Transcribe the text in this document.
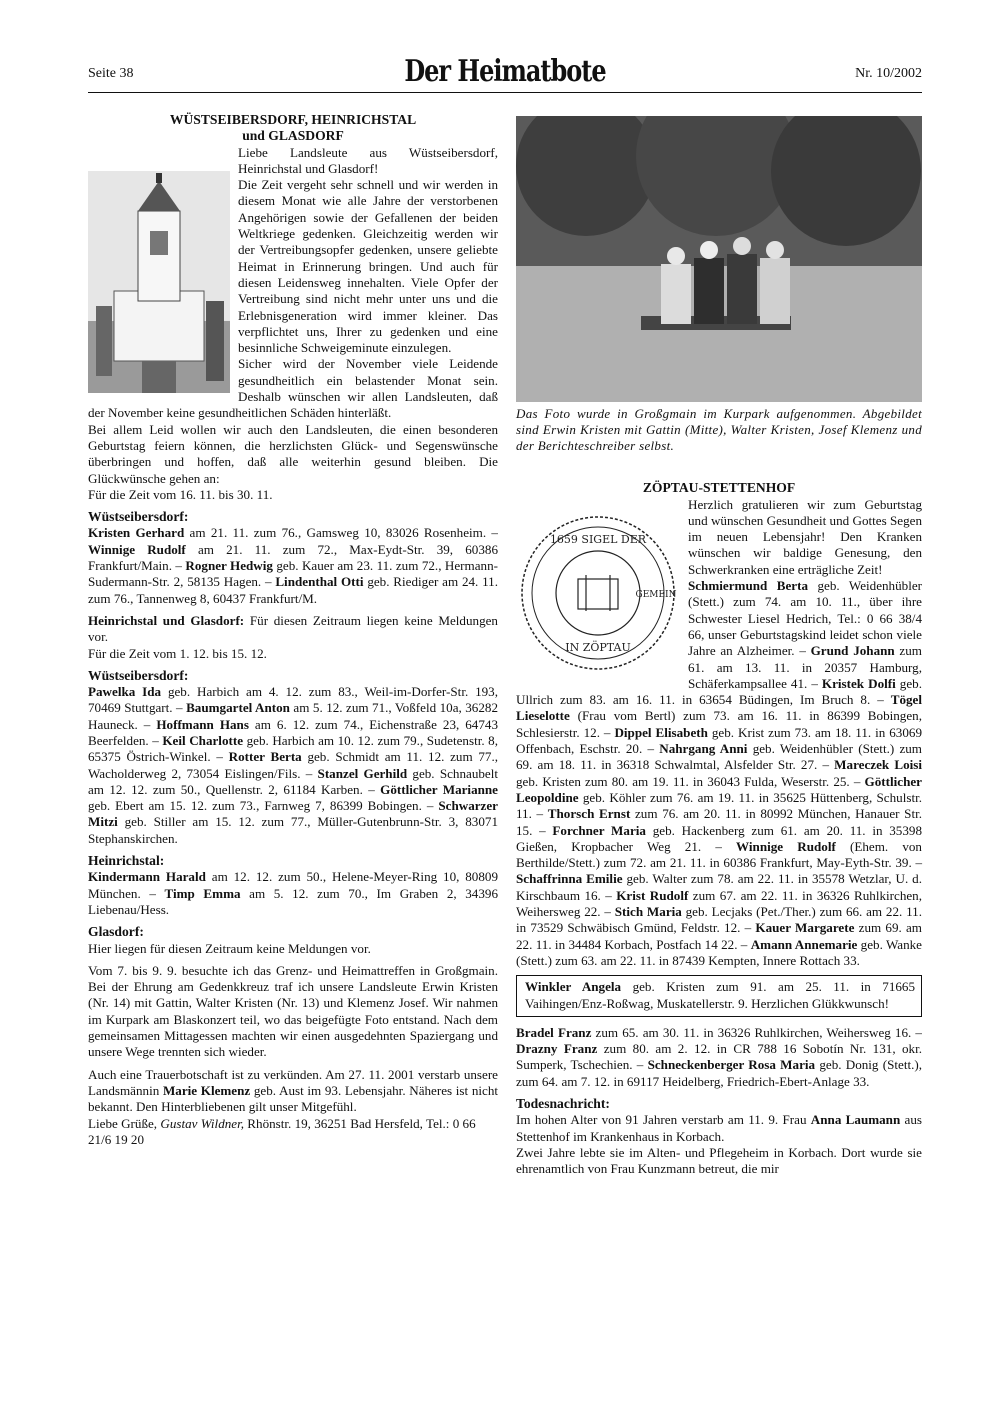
Seite 38	Der Heimatbote	Nr. 10/2002

WÜSTSEIBERSDORF, HEINRICHSTAL

und GLASDORF

Liebe Landsleute aus Wüstseibersdorf, Heinrichstal und Glasdorf!

Die Zeit vergeht sehr schnell und wir werden in diesem Monat wie alle Jahre der verstorbenen Angehörigen sowie der Gefallenen der beiden Weltkriege gedenken. Gleichzeitig werden wir der Vertreibungsopfer gedenken, unsere geliebte Heimat in Erinnerung bringen. Und auch für diesen Leidensweg innehalten. Viele Opfer der Vertreibung sind nicht mehr unter uns und die Erlebnisgeneration wird immer kleiner. Das verpflichtet uns, Ihrer zu gedenken und eine besinnliche Schweigeminute einzulegen.

Sicher wird der November viele Leidende gesundheitlich ein belastender Monat sein. Deshalb wünschen wir allen Landsleuten, daß der November keine gesundheitlichen Schäden hinterläßt.

Bei allem Leid wollen wir auch den Landsleuten, die einen besonderen Geburtstag feiern können, die herzlichsten Glück- und Segenswünsche überbringen und hoffen, daß alle weiterhin gesund bleiben. Die Glückwünsche gehen an:

Für die Zeit vom 16. 11. bis 30. 11.

Wüstseibersdorf:

Kristen Gerhard am 21. 11. zum 76., Gamsweg 10, 83026 Rosenheim. – Winnige Rudolf am 21. 11. zum 72., Max-Eydt-Str. 39, 60386 Frankfurt/Main. – Rogner Hedwig geb. Kauer am 23. 11. zum 72., Hermann-Sudermann-Str. 2, 58135 Hagen. – Lindenthal Otti geb. Riediger am 24. 11. zum 76., Tannenweg 8, 60437 Frankfurt/M.

Heinrichstal und Glasdorf: Für diesen Zeitraum liegen keine Meldungen vor.

Für die Zeit vom 1. 12. bis 15. 12.

Wüstseibersdorf:

Pawelka Ida geb. Harbich am 4. 12. zum 83., Weil-im-Dorfer-Str. 193, 70469 Stuttgart. – Baumgartel Anton am 5. 12. zum 71., Voßfeld 10a, 36282 Hauneck. – Hoffmann Hans am 6. 12. zum 74., Eichenstraße 23, 64743 Beerfelden. – Keil Charlotte geb. Harbich am 10. 12. zum 79., Sudetenstr. 8, 65375 Östrich-Winkel. – Rotter Berta geb. Schmidt am 11. 12. zum 77., Wacholderweg 2, 73054 Eislingen/Fils. – Stanzel Gerhild geb. Schnaubelt am 12. 12. zum 50., Quellenstr. 2, 61184 Karben. – Göttlicher Marianne geb. Ebert am 15. 12. zum 73., Farnweg 7, 86399 Bobingen. – Schwarzer Mitzi geb. Stiller am 15. 12. zum 77., Müller-Gutenbrunn-Str. 3, 83071 Stephanskirchen.

Heinrichstal:

Kindermann Harald am 12. 12. zum 50., Helene-Meyer-Ring 10, 80809 München. – Timp Emma am 5. 12. zum 70., Im Graben 2, 34396 Liebenau/Hess.

Glasdorf:

Hier liegen für diesen Zeitraum keine Meldungen vor.

Vom 7. bis 9. 9. besuchte ich das Grenz- und Heimattreffen in Großgmain. Bei der Ehrung am Gedenkkreuz traf ich unsere Landsleute Erwin Kristen (Nr. 14) mit Gattin, Walter Kristen (Nr. 13) und Klemenz Josef. Wir nahmen im Kurpark am Blaskonzert teil, wo das beigefügte Foto entstand. Nach dem gemeinsamen Mittagessen machten wir einen ausgedehnten Spaziergang und unsere Wege trennten sich wieder.

Auch eine Trauerbotschaft ist zu verkünden. Am 27. 11. 2001 verstarb unsere Landsmännin Marie Klemenz geb. Aust im 93. Lebensjahr. Näheres ist nicht bekannt. Den Hinterbliebenen gilt unser Mitgefühl.

Liebe Grüße, Gustav Wildner, Rhönstr. 19, 36251 Bad Hersfeld, Tel.: 0 66 21/6 19 20

Das Foto wurde in Großgmain im Kurpark aufgenommen. Abgebildet sind Erwin Kristen mit Gattin (Mitte), Walter Kristen, Josef Klemenz und der Berichteschreiber selbst.

ZÖPTAU-STETTENHOF

1659 SIGEL DER
IN ZÖPTAU
GEMEIN

Herzlich gratulieren wir zum Geburtstag und wünschen Gesundheit und Gottes Segen im neuen Lebensjahr! Den Kranken wünschen wir baldige Genesung, den Schwerkranken eine erträgliche Zeit!

Schmiermund Berta geb. Weidenhübler (Stett.) zum 74. am 10. 11., über ihre Schwester Liesel Hedrich, Tel.: 0 66 38/4 66, unser Geburtstagskind leidet schon viele Jahre an Alzheimer. – Grund Johann zum 61. am 13. 11. in 20357 Hamburg, Schäferkampsallee 41. – Kristek Dolfi geb. Ullrich zum 83. am 16. 11. in 63654 Büdingen, Im Bruch 8. – Tögel Lieselotte (Frau vom Bertl) zum 73. am 16. 11. in 86399 Bobingen, Schlesierstr. 12. – Dippel Elisabeth geb. Krist zum 73. am 18. 11. in 63069 Offenbach, Eschstr. 20. – Nahrgang Anni geb. Weidenhübler (Stett.) zum 69. am 18. 11. in 36318 Schwalmtal, Alsfelder Str. 27. – Mareczek Loisi geb. Kristen zum 80. am 19. 11. in 36043 Fulda, Weserstr. 25. – Göttlicher Leopoldine geb. Köhler zum 76. am 19. 11. in 35625 Hüttenberg, Schulstr. 11. – Thorsch Ernst zum 76. am 20. 11. in 80992 München, Hanauer Str. 15. – Forchner Maria geb. Hackenberg zum 61. am 20. 11. in 35398 Gießen, Kropbacher Weg 21. – Winnige Rudolf (Ehem. von Berthilde/Stett.) zum 72. am 21. 11. in 60386 Frankfurt, May-Eyth-Str. 39. – Schaffrinna Emilie geb. Walter zum 78. am 22. 11. in 35578 Wetzlar, U. d. Kirschbaum 16. – Krist Rudolf zum 67. am 22. 11. in 36326 Ruhlkirchen, Weihersweg 22. – Stich Maria geb. Lecjaks (Pet./Ther.) zum 66. am 22. 11. in 73529 Schwäbisch Gmünd, Feldstr. 12. – Kauer Margarete zum 69. am 22. 11. in 34484 Korbach, Postfach 14 22. – Amann Annemarie geb. Wanke (Stett.) zum 63. am 22. 11. in 87439 Kempten, Innere Rottach 33.

Winkler Angela geb. Kristen zum 91. am 25. 11. in 71665 Vaihingen/Enz-Roßwag, Muskatellerstr. 9. Herzlichen Glükkwunsch!

Bradel Franz zum 65. am 30. 11. in 36326 Ruhlkirchen, Weihersweg 16. – Drazny Franz zum 80. am 2. 12. in CR 788 16 Sobotín Nr. 131, okr. Sumperk, Tschechien. – Schneckenberger Rosa Maria geb. Donig (Stett.), zum 64. am 7. 12. in 69117 Heidelberg, Friedrich-Ebert-Anlage 33.

Todesnachricht:

Im hohen Alter von 91 Jahren verstarb am 11. 9. Frau Anna Laumann aus Stettenhof im Krankenhaus in Korbach.

Zwei Jahre lebte sie im Alten- und Pflegeheim in Korbach. Dort wurde sie ehrenamtlich von Frau Kunzmann betreut, die mir
